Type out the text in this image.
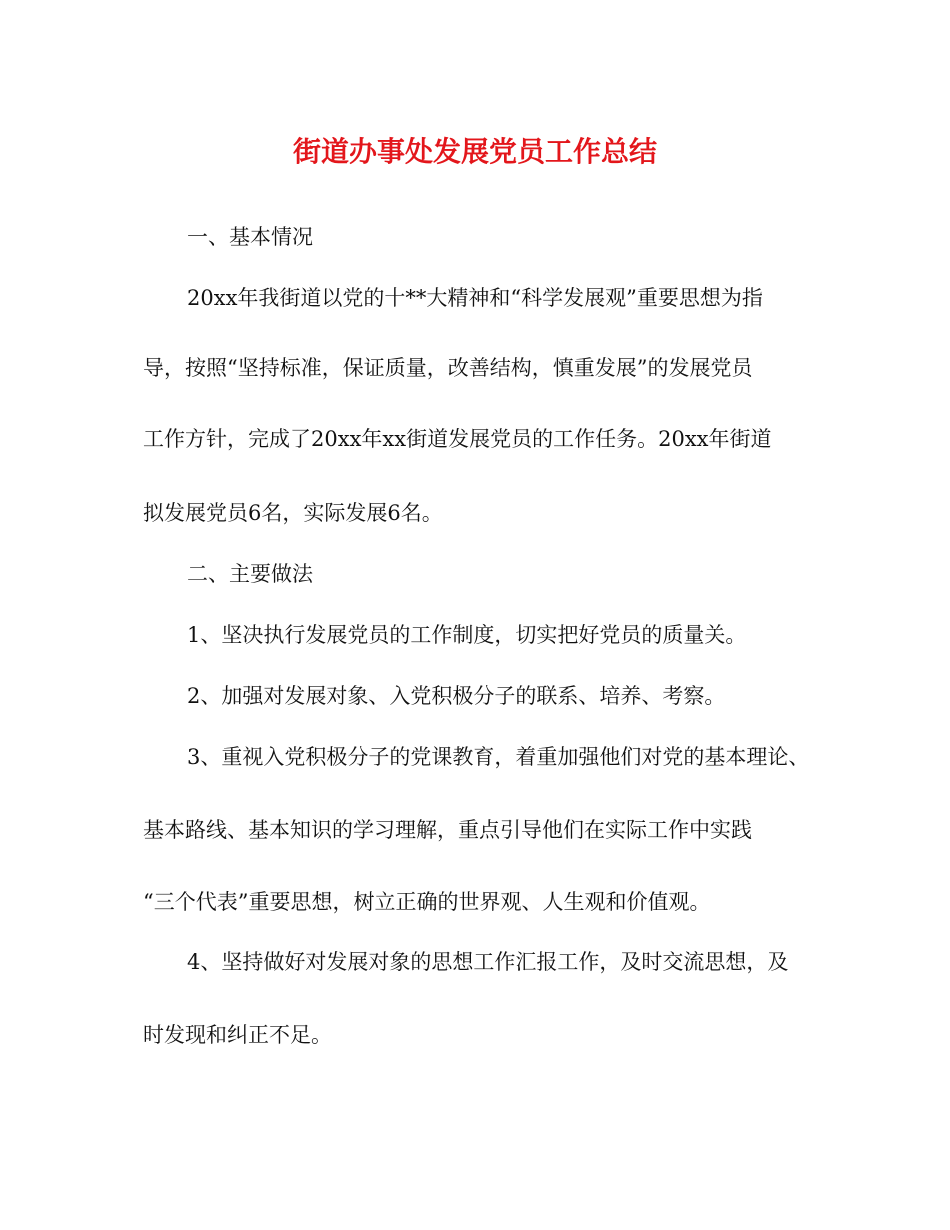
街道办事处发展党员工作总结

一、基本情况

20xx年我街道以党的十**大精神和“科学发展观”重要思想为指

导，按照“坚持标准，保证质量，改善结构，慎重发展”的发展党员

工作方针，完成了20xx年xx街道发展党员的工作任务。20xx年街道

拟发展党员6名，实际发展6名。

二、主要做法

1、坚决执行发展党员的工作制度，切实把好党员的质量关。

2、加强对发展对象、入党积极分子的联系、培养、考察。

3、重视入党积极分子的党课教育，着重加强他们对党的基本理论、

基本路线、基本知识的学习理解，重点引导他们在实际工作中实践

“三个代表”重要思想，树立正确的世界观、人生观和价值观。

4、坚持做好对发展对象的思想工作汇报工作，及时交流思想，及

时发现和纠正不足。
